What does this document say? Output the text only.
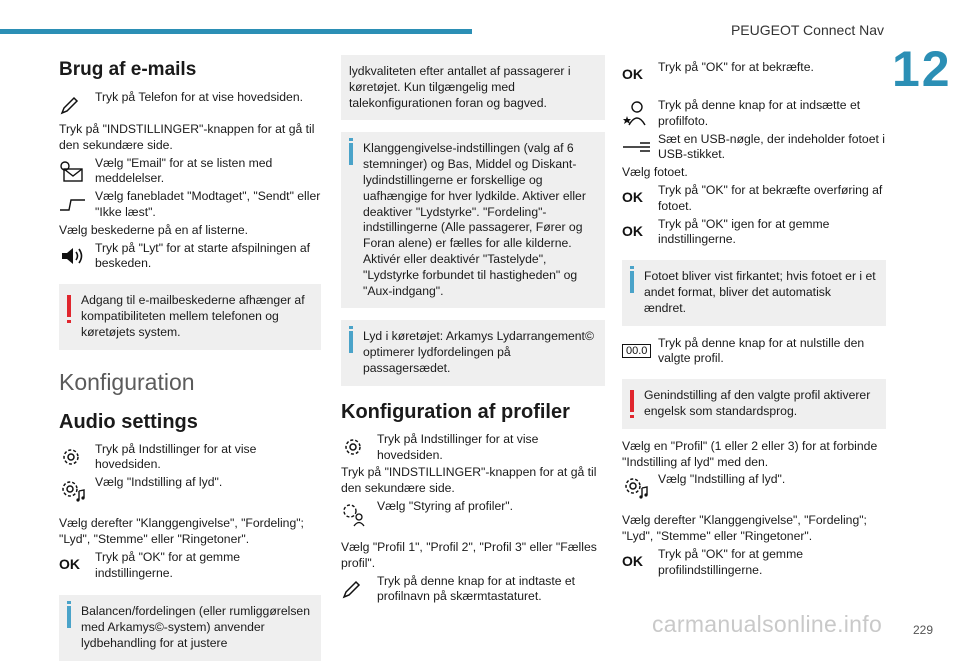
PEUGEOT Connect Nav
12
Brug af e-mails
Tryk på Telefon for at vise hovedsiden.

Tryk på "INDSTILLINGER"-knappen for at gå til den sekundære side.

Vælg "Email" for at se listen med meddelelser.
Vælg fanebladet "Modtaget", "Sendt" eller "Ikke læst".

Vælg beskederne på en af listerne.

Tryk på "Lyt" for at starte afspilningen af beskeden.
Adgang til e-mailbeskederne afhænger af kompatibiliteten mellem telefonen og køretøjets system.
Konfiguration
Audio settings
Tryk på Indstillinger for at vise hovedsiden.
Vælg "Indstilling af lyd".

Vælg derefter "Klanggengivelse", "Fordeling"; "Lyd", "Stemme" eller "Ringetoner".

OK	Tryk på "OK" for at gemme indstillingerne.
Balancen/fordelingen (eller rumliggørelsen med Arkamys©-system) anvender lydbehandling for at justere
lydkvaliteten efter antallet af passagerer i køretøjet. Kun tilgængelig med talekonfigurationen foran og bagved.
Klanggengivelse-indstillingen (valg af 6 stemninger) og Bas, Middel og Diskant-lydindstillingerne er forskellige og uafhængige for hver lydkilde. Aktiver eller deaktiver "Lydstyrke". "Fordeling"-indstillingerne (Alle passagerer, Fører og Foran alene) er fælles for alle kilderne. Aktivér eller deaktivér "Tastelyde", "Lydstyrke forbundet til hastigheden" og "Aux-indgang".
Lyd i køretøjet: Arkamys Lydarrangement© optimerer lydfordelingen på passagersædet.
Konfiguration af profiler
Tryk på Indstillinger for at vise hovedsiden.

Tryk på "INDSTILLINGER"-knappen for at gå til den sekundære side.

Vælg "Styring af profiler".

Vælg "Profil 1", "Profil 2", "Profil 3" eller "Fælles profil".

Tryk på denne knap for at indtaste et profilnavn på skærmtastaturet.
OK	Tryk på "OK" for at bekræfte.
Tryk på denne knap for at indsætte et profilfoto.
Sæt en USB-nøgle, der indeholder fotoet i USB-stikket.

Vælg fotoet.

OK	Tryk på "OK" for at bekræfte overføring af fotoet.
OK	Tryk på "OK" igen for at gemme indstillingerne.
Fotoet bliver vist firkantet; hvis fotoet er i et andet format, bliver det automatisk ændret.
00.0
Tryk på denne knap for at nulstille den valgte profil.
Genindstilling af den valgte profil aktiverer engelsk som standardsprog.

Vælg en "Profil" (1 eller 2 eller 3) for at forbinde "Indstilling af lyd" med den.

Vælg "Indstilling af lyd".

Vælg derefter "Klanggengivelse", "Fordeling"; "Lyd", "Stemme" eller "Ringetoner".

OK	Tryk på "OK" for at gemme profilindstillingerne.
carmanualsonline.info	229
